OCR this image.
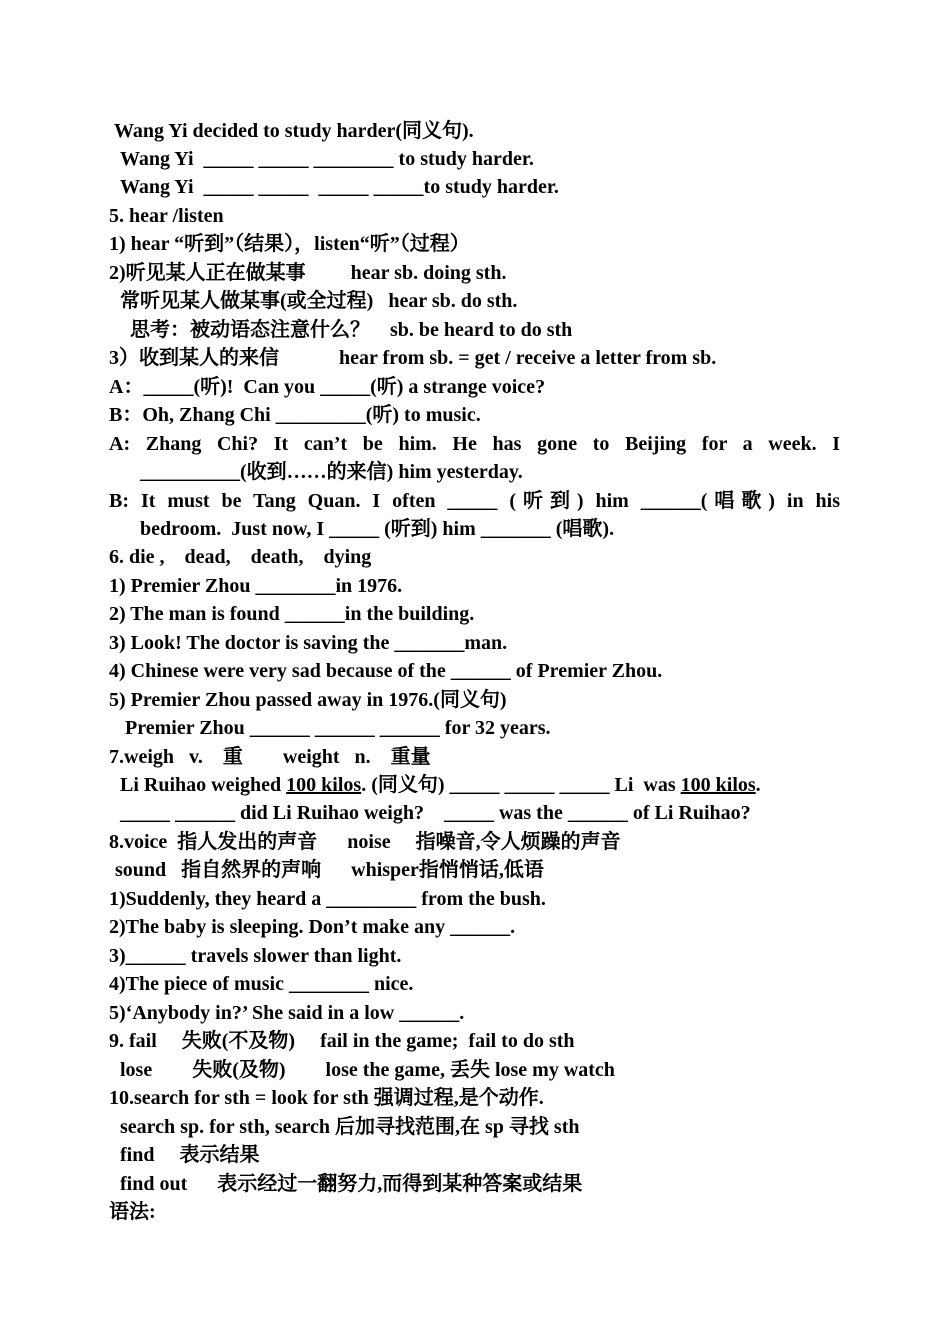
Wang Yi decided to study harder(同义句).
Wang Yi  _____ _____ ________ to study harder.
Wang Yi  _____ _____  _____ _____to study harder.
5. hear /listen
1) hear “听到”（结果），listen“听”（过程）
2)听见某人正在做某事         hear sb. doing sth.
常听见某人做某事(或全过程)   hear sb. do sth.
思考：被动语态注意什么？    sb. be heard to do sth
3）收到某人的来信            hear from sb. = get / receive a letter from sb.
A：_____(听)!  Can you _____(听) a strange voice?
B：Oh, Zhang Chi _________(听) to music.
A: Zhang Chi? It can’t be him. He has gone to Beijing for a week. I
__________(收到……的来信) him yesterday.
B: It must be Tang Quan. I often _____ (听到) him ______(唱歌) in his
bedroom.  Just now, I _____ (听到) him _______ (唱歌).
6. die ,    dead,    death,    dying
1) Premier Zhou ________in 1976.
2) The man is found ______in the building.
3) Look! The doctor is saving the _______man.
4) Chinese were very sad because of the ______ of Premier Zhou.
5) Premier Zhou passed away in 1976.(同义句)
Premier Zhou ______ ______ ______ for 32 years.
7.weigh   v.    重        weight   n.    重量
Li Ruihao weighed 100 kilos. (同义句) _____ _____ _____ Li  was 100 kilos.
_____ ______ did Li Ruihao weigh?    _____ was the ______ of Li Ruihao?
8.voice  指人发出的声音      noise     指噪音,令人烦躁的声音
sound   指自然界的声响      whisper指悄悄话,低语
1)Suddenly, they heard a _________ from the bush.
2)The baby is sleeping. Don’t make any ______.
3)______ travels slower than light.
4)The piece of music ________ nice.
5)‘Anybody in?’ She said in a low ______.
9. fail     失败(不及物)     fail in the game;  fail to do sth
lose        失败(及物)        lose the game, 丢失 lose my watch
10.search for sth = look for sth 强调过程,是个动作.
search sp. for sth, search 后加寻找范围,在 sp 寻找 sth
find     表示结果
find out      表示经过一翻努力,而得到某种答案或结果
语法:
